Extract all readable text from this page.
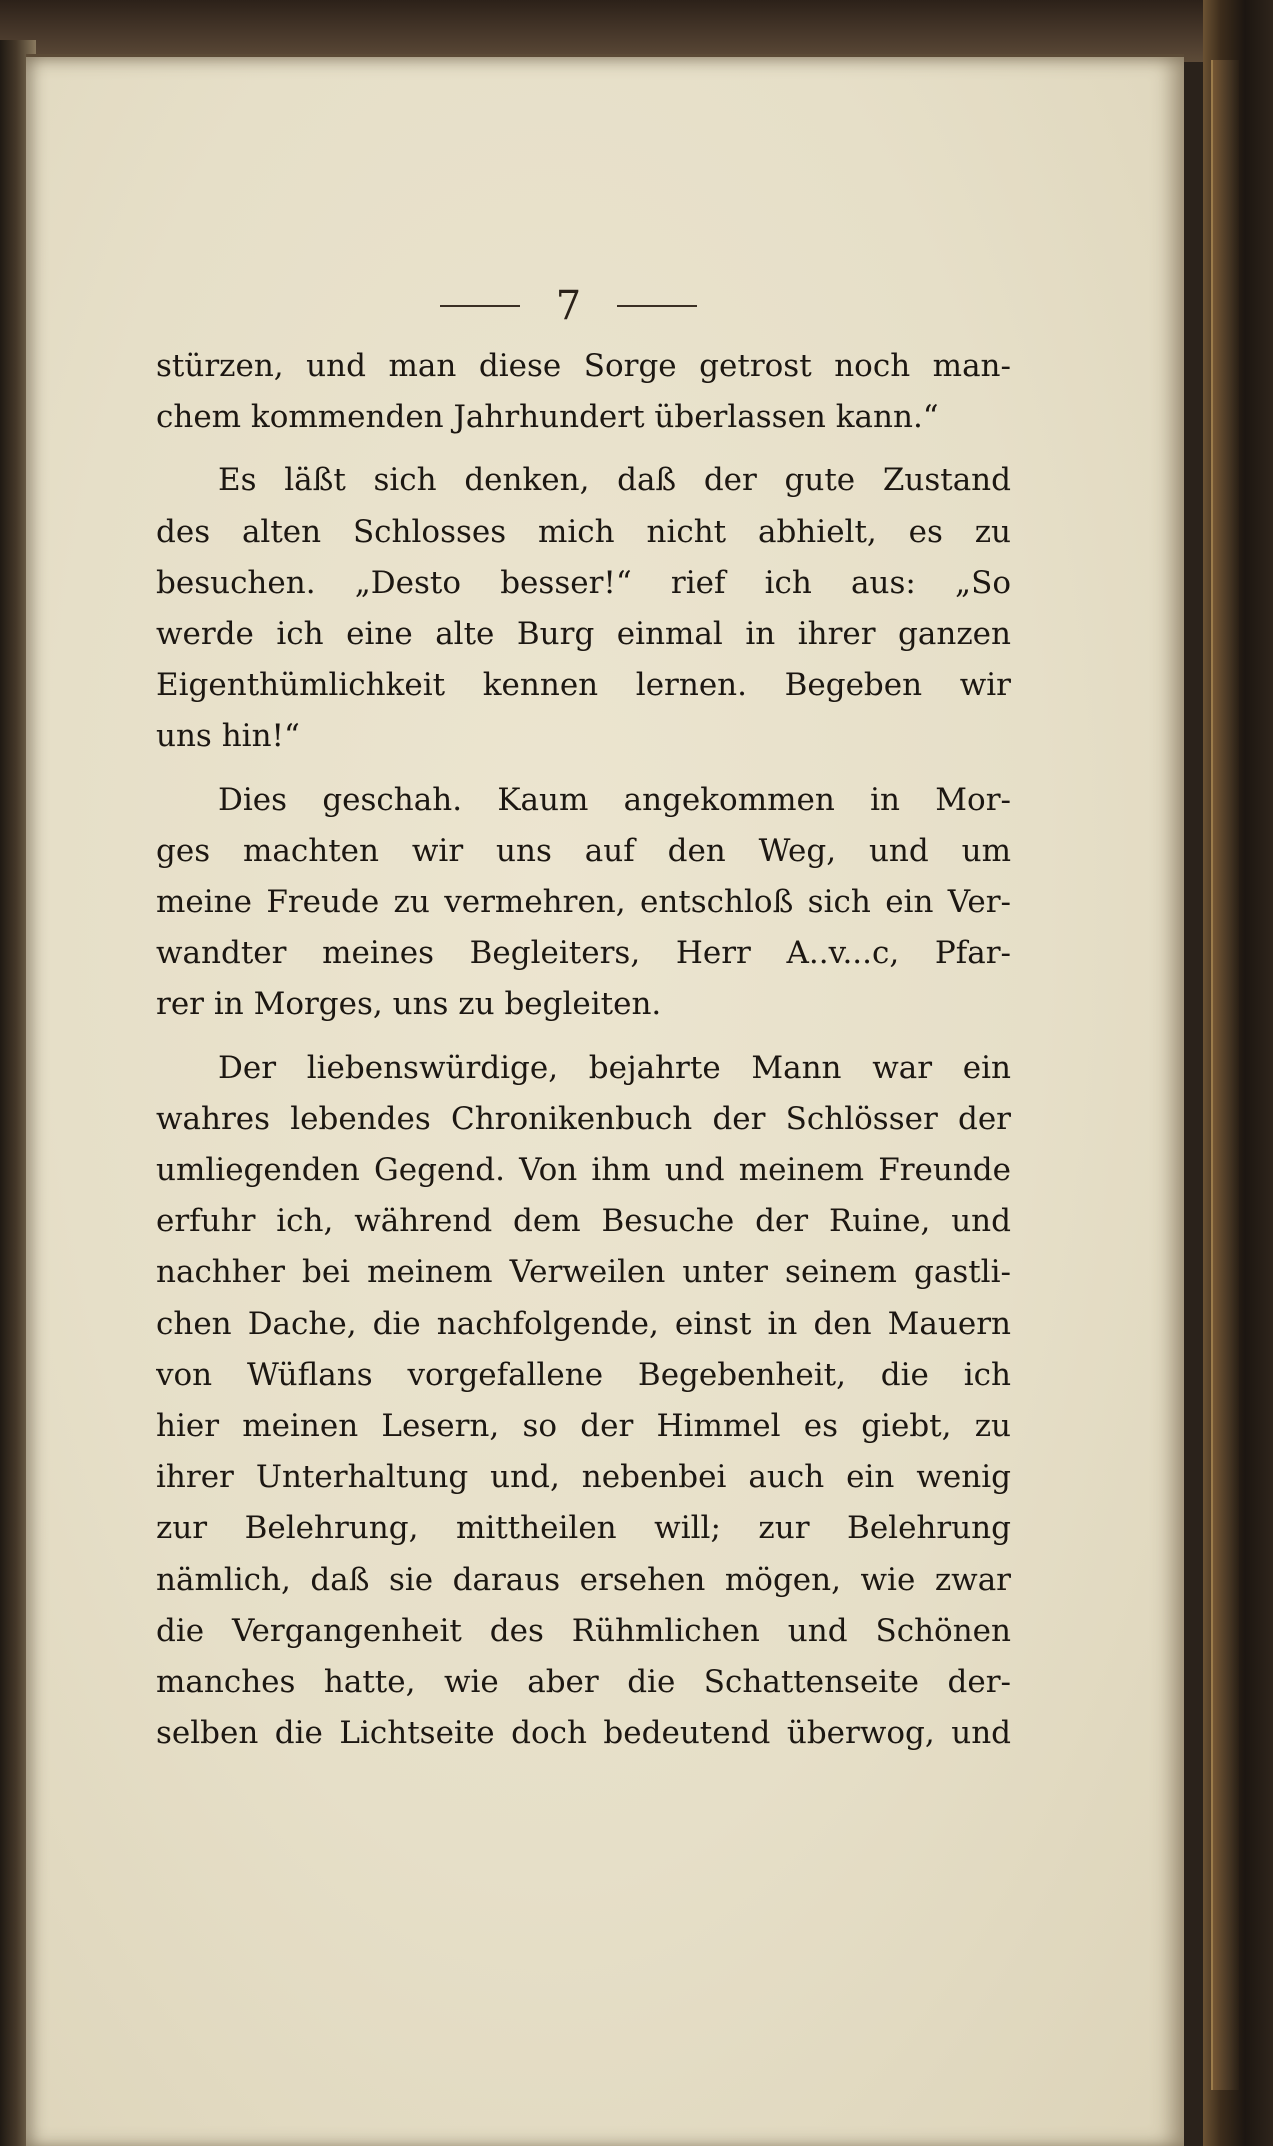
7
stürzen, und man diese Sorge getrost noch man-
chem kommenden Jahrhundert überlassen kann.“
Es läßt sich denken, daß der gute Zustand
des alten Schlosses mich nicht abhielt, es zu
besuchen. „Desto besser!“ rief ich aus: „So
werde ich eine alte Burg einmal in ihrer ganzen
Eigenthümlichkeit kennen lernen. Begeben wir
uns hin!“
Dies geschah. Kaum angekommen in Mor-
ges machten wir uns auf den Weg, und um
meine Freude zu vermehren, entschloß sich ein Ver-
wandter meines Begleiters, Herr A..v...c, Pfar-
rer in Morges, uns zu begleiten.
Der liebenswürdige, bejahrte Mann war ein
wahres lebendes Chronikenbuch der Schlösser der
umliegenden Gegend. Von ihm und meinem Freunde
erfuhr ich, während dem Besuche der Ruine, und
nachher bei meinem Verweilen unter seinem gastli-
chen Dache, die nachfolgende, einst in den Mauern
von Wüflans vorgefallene Begebenheit, die ich
hier meinen Lesern, so der Himmel es giebt, zu
ihrer Unterhaltung und, nebenbei auch ein wenig
zur Belehrung, mittheilen will; zur Belehrung
nämlich, daß sie daraus ersehen mögen, wie zwar
die Vergangenheit des Rühmlichen und Schönen
manches hatte, wie aber die Schattenseite der-
selben die Lichtseite doch bedeutend überwog, und
